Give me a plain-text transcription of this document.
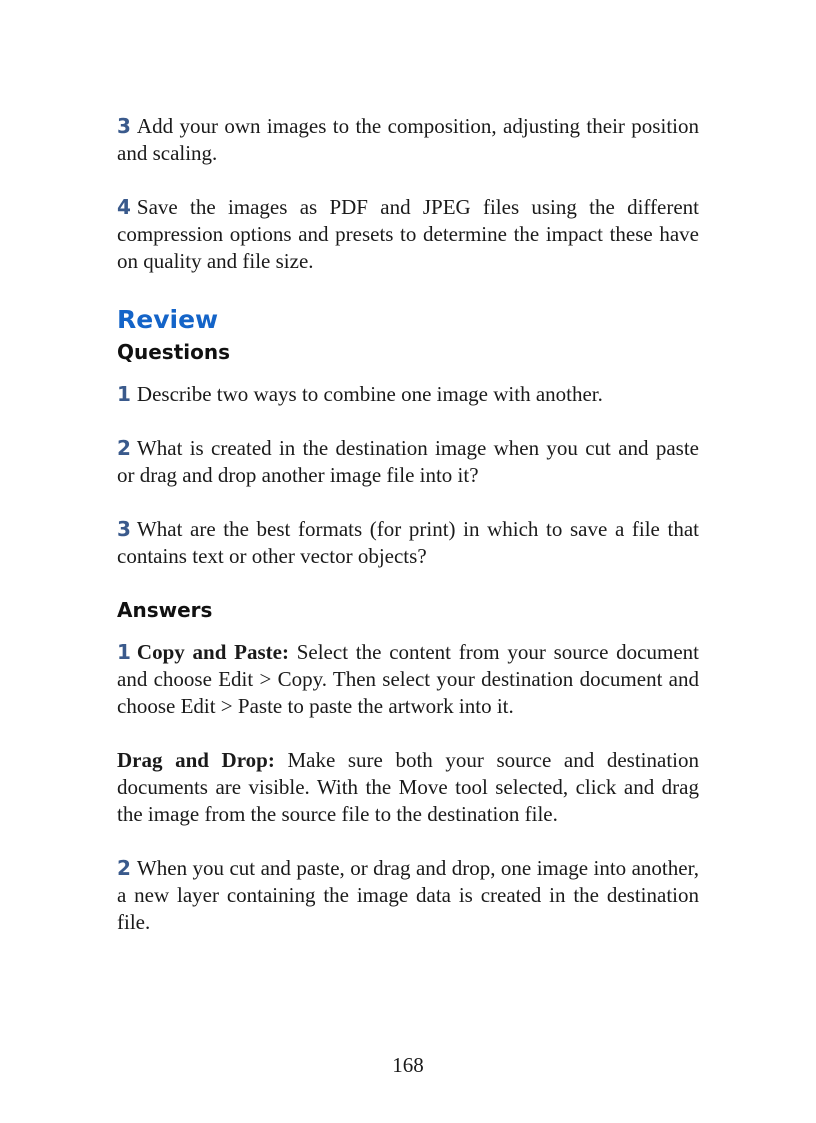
3 Add your own images to the composition, adjusting their position and scaling.

4 Save the images as PDF and JPEG files using the different compression options and presets to determine the impact these have on quality and file size.

Review
Questions

1 Describe two ways to combine one image with another.

2 What is created in the destination image when you cut and paste or drag and drop another image file into it?

3 What are the best formats (for print) in which to save a file that contains text or other vector objects?

Answers

1 Copy and Paste: Select the content from your source document and choose Edit > Copy. Then select your destination document and choose Edit > Paste to paste the artwork into it.

Drag and Drop: Make sure both your source and destination documents are visible. With the Move tool selected, click and drag the image from the source file to the destination file.

2 When you cut and paste, or drag and drop, one image into another, a new layer containing the image data is created in the destination file.

168
